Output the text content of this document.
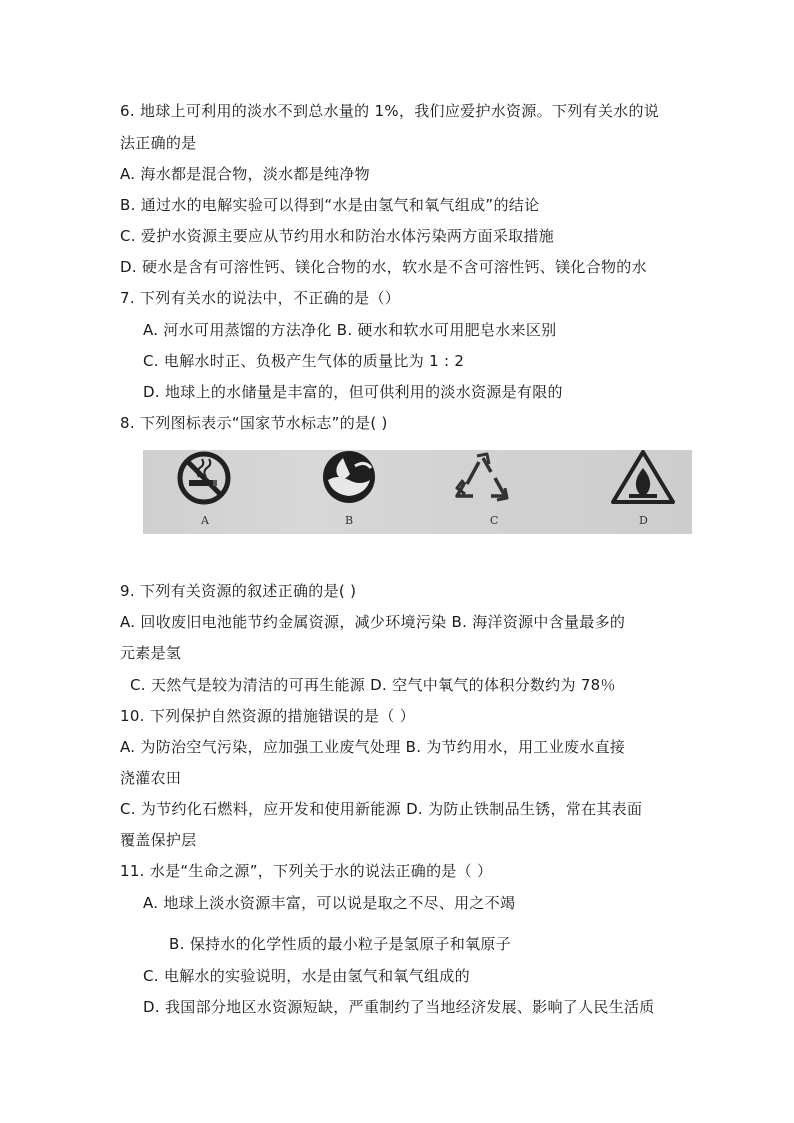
6. 地球上可利用的淡水不到总水量的 1%，我们应爱护水资源。下列有关水的说
法正确的是
A. 海水都是混合物，淡水都是纯净物
B. 通过水的电解实验可以得到“水是由氢气和氧气组成”的结论
C. 爱护水资源主要应从节约用水和防治水体污染两方面采取措施
D. 硬水是含有可溶性钙、镁化合物的水，软水是不含可溶性钙、镁化合物的水
7. 下列有关水的说法中，不正确的是（）
A. 河水可用蒸馏的方法净化 B. 硬水和软水可用肥皂水来区别
C. 电解水时正、负极产生气体的质量比为 1 : 2
D. 地球上的水储量是丰富的，但可供利用的淡水资源是有限的
8. 下列图标表示“国家节水标志”的是( )
A	B	C	D
9. 下列有关资源的叙述正确的是( )
A. 回收废旧电池能节约金属资源，减少环境污染 B. 海洋资源中含量最多的
元素是氢
C. 天然气是较为清洁的可再生能源 D. 空气中氧气的体积分数约为 78％
10. 下列保护自然资源的措施错误的是（ ）
A. 为防治空气污染，应加强工业废气处理 B. 为节约用水，用工业废水直接
浇灌农田
C. 为节约化石燃料，应开发和使用新能源 D. 为防止铁制品生锈，常在其表面
覆盖保护层
11. 水是“生命之源”，下列关于水的说法正确的是（ ）
A. 地球上淡水资源丰富，可以说是取之不尽、用之不竭
B. 保持水的化学性质的最小粒子是氢原子和氧原子
C. 电解水的实验说明，水是由氢气和氧气组成的
D. 我国部分地区水资源短缺，严重制约了当地经济发展、影响了人民生活质
